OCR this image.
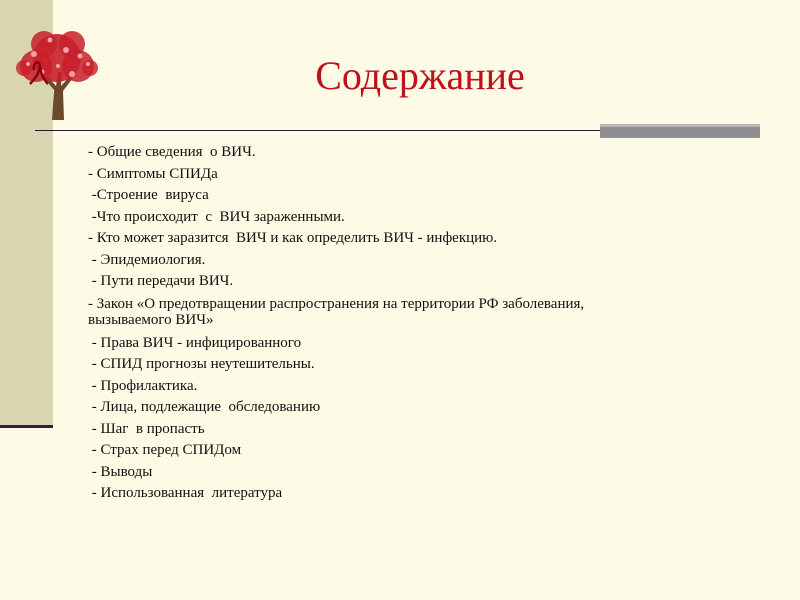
Содержание
- Общие сведения  о ВИЧ.
- Симптомы СПИДа
-Строение  вируса
-Что происходит  с  ВИЧ зараженными.
- Кто может заразится  ВИЧ и как определить ВИЧ - инфекцию.
- Эпидемиология.
- Пути передачи ВИЧ.
- Закон «О предотвращении распространения на территории РФ заболевания,
вызываемого ВИЧ»
- Права ВИЧ - инфицированного
- СПИД прогнозы неутешительны.
- Профилактика.
- Лица, подлежащие  обследованию
- Шаг  в пропасть
- Страх перед СПИДом
- Выводы
- Использованная  литература
